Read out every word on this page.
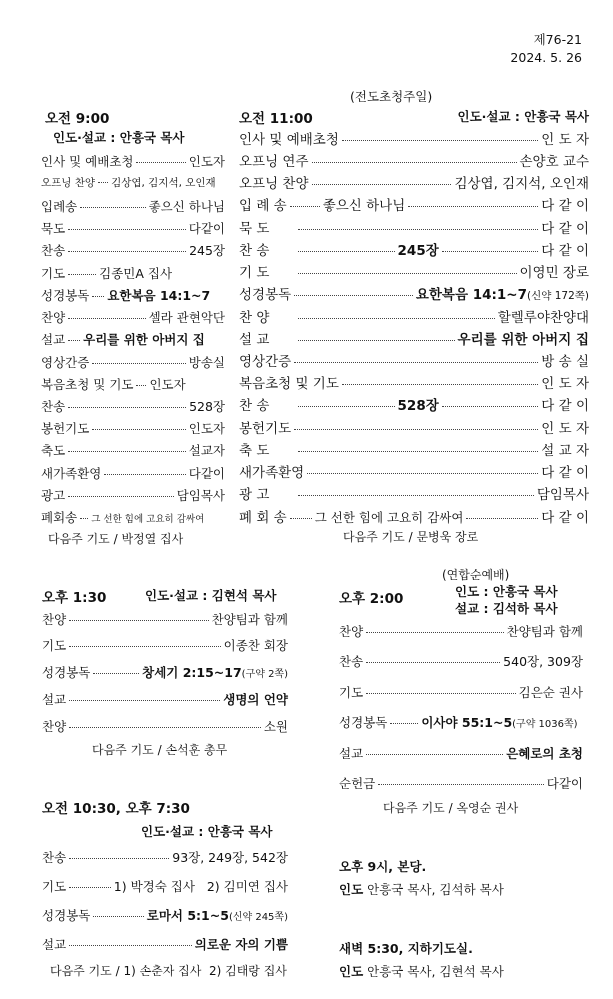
제76-21
2024. 5. 26
(전도초청주일)
오전 9:00
인도·설교 : 안흥국 목사
인사 및 예배초청	인도자
오프닝 찬양 김상엽, 김지석, 오인재
입례송	좋으신 하나님
묵도	다같이
찬송	245장
기도	김종민A 집사
성경봉독 요한복음 14:1~7
찬양	셀라 관현악단
설교 우리를 위한 아버지 집
영상간증	방송실
복음초청 및 기도 인도자
찬송	528장
봉헌기도	인도자
축도	설교자
새가족환영	다같이
광고	담임목사
폐회송 그 선한 힘에 고요히 감싸여
다음주 기도 / 박정열 집사
오전 11:00	인도·설교 : 안흥국 목사
인사 및 예배초청	인 도 자
오프닝 연주	손양호 교수
오프닝 찬양	김상엽, 김지석, 오인재
입 례 송	좋으신 하나님	다 같 이
묵 도	다 같 이
찬 송	245장	다 같 이
기 도	이영민 장로
성경봉독	요한복음 14:1~7 (신약 172쪽)
찬 양	할렐루야찬양대
설 교	우리를 위한 아버지 집
영상간증	방 송 실
복음초청 및 기도	인 도 자
찬 송	528장	다 같 이
봉헌기도	인 도 자
축 도	설 교 자
새가족환영	다 같 이
광 고	담임목사
폐 회 송 그 선한 힘에 고요히 감싸여	다 같 이
다음주 기도 / 문병욱 장로
오후 1:30	인도·설교 : 김현석 목사
찬양	찬양팀과 함께
기도	이종찬 회장
성경봉독	창세기 2:15~17 (구약 2쪽)
설교	생명의 언약
찬양	소원
다음주 기도 / 손석훈 총무
(연합순예배)
오후 2:00	인도 : 안흥국 목사
설교 : 김석하 목사
찬양	찬양팀과 함께
찬송	540장, 309장
기도	김은순 권사
성경봉독	이사야 55:1~5 (구약 1036쪽)
설교	은혜로의 초청
순헌금	다같이
다음주 기도 / 옥영순 권사
오전 10:30, 오후 7:30
인도·설교 : 안흥국 목사
찬송	93장, 249장, 542장
기도	1) 박경숙 집사   2) 김미연 집사
성경봉독	로마서 5:1~5 (신약 245쪽)
설교	의로운 자의 기쁨
다음주 기도 / 1) 손춘자 집사  2) 김태랑 집사
오후 9시, 본당.
인도 안흥국 목사, 김석하 목사
새벽 5:30, 지하기도실.
인도 안흥국 목사, 김현석 목사
